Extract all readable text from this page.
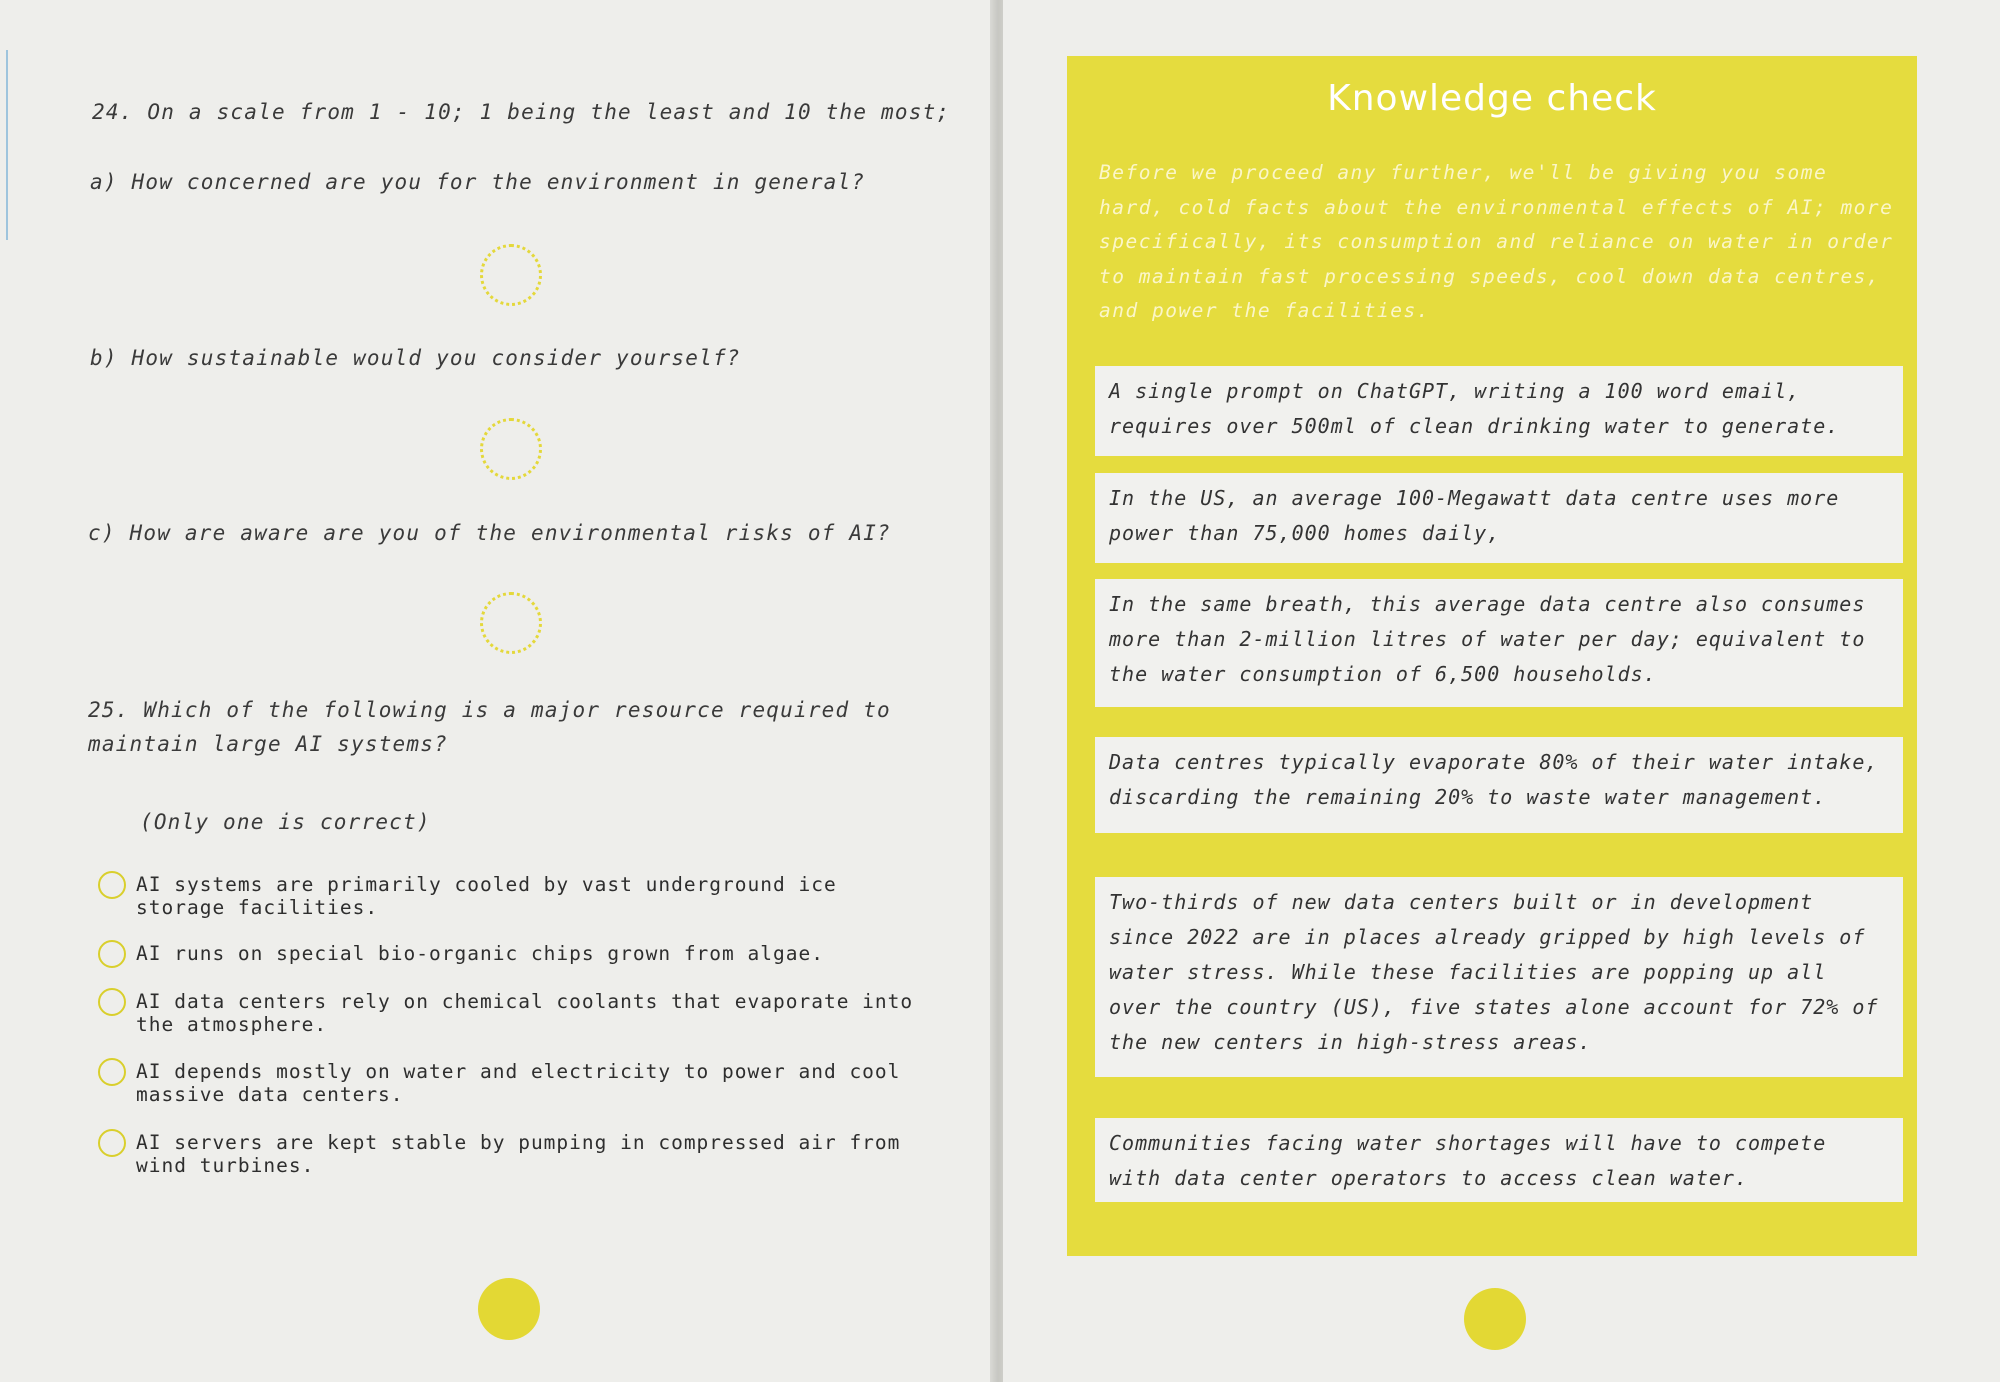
24. On a scale from 1 - 10; 1 being the least and 10 the most;
a) How concerned are you for the environment in general?
b) How sustainable would you consider yourself?
c) How are aware are you of the environmental risks of AI?
25. Which of the following is a major resource required to
maintain large AI systems?
(Only one is correct)
AI systems are primarily cooled by vast underground ice
storage facilities.
AI runs on special bio-organic chips grown from algae.
AI data centers rely on chemical coolants that evaporate into
the atmosphere.
AI depends mostly on water and electricity to power and cool
massive data centers.
AI servers are kept stable by pumping in compressed air from
wind turbines.
Knowledge check
Before we proceed any further, we'll be giving you some
hard, cold facts about the environmental effects of AI; more
specifically, its consumption and reliance on water in order
to maintain fast processing speeds, cool down data centres,
and power the facilities.
A single prompt on ChatGPT, writing a 100 word email,
requires over 500ml of clean drinking water to generate.
In the US, an average 100-Megawatt data centre uses more
power than 75,000 homes daily,
In the same breath, this average data centre also consumes
more than 2-million litres of water per day; equivalent to
the water consumption of 6,500 households.
Data centres typically evaporate 80% of their water intake,
discarding the remaining 20% to waste water management.
Two-thirds of new data centers built or in development
since 2022 are in places already gripped by high levels of
water stress. While these facilities are popping up all
over the country (US), five states alone account for 72% of
the new centers in high-stress areas.
Communities facing water shortages will have to compete
with data center operators to access clean water.
